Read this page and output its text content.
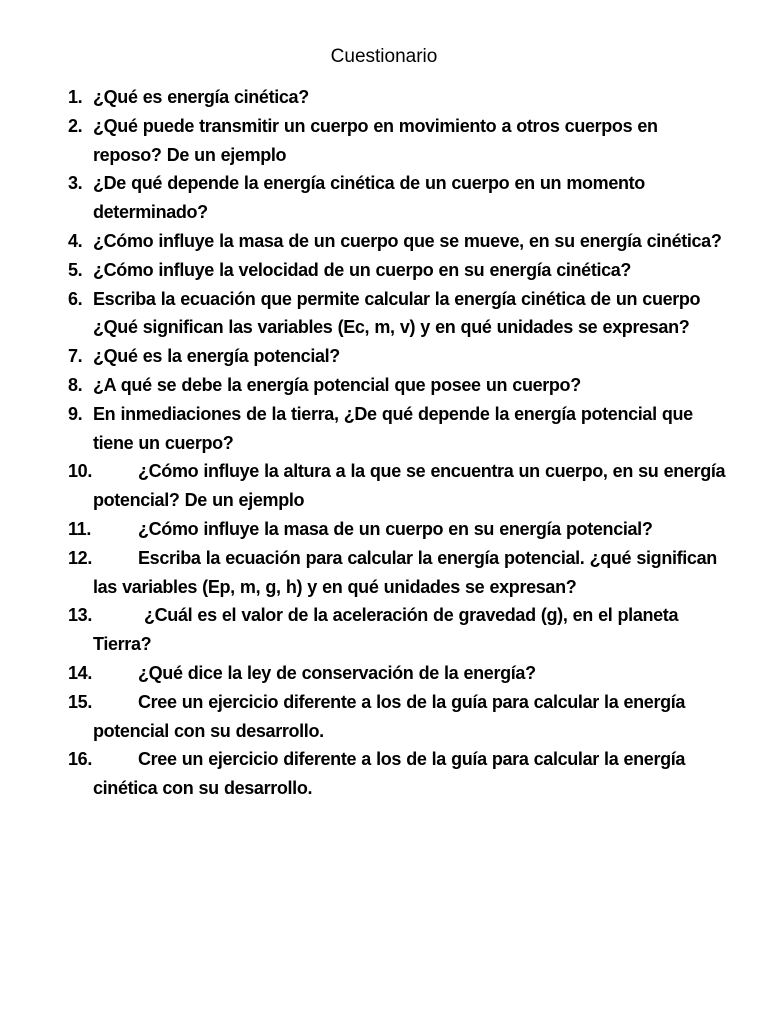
Cuestionario
1. ¿Qué es energía cinética?
2. ¿Qué puede transmitir un cuerpo en movimiento a otros cuerpos en reposo? De un ejemplo
3. ¿De qué depende la energía cinética de un cuerpo en un momento determinado?
4. ¿Cómo influye la masa de un cuerpo que se mueve, en su energía cinética?
5. ¿Cómo influye la velocidad de un cuerpo en su energía cinética?
6. Escriba la ecuación que permite calcular la energía cinética de un cuerpo ¿Qué significan las variables (Ec, m, v) y en qué unidades se expresan?
7. ¿Qué es la energía potencial?
8. ¿A qué se debe la energía potencial que posee un cuerpo?
9. En inmediaciones de la tierra, ¿De qué depende la energía potencial que tiene un cuerpo?
10.	¿Cómo influye la altura a la que se encuentra un cuerpo, en su energía potencial? De un ejemplo
11.	¿Cómo influye la masa de un cuerpo en su energía potencial?
12.	Escriba la ecuación para calcular la energía potencial. ¿qué significan las variables (Ep, m, g, h) y en qué unidades se expresan?
13.	¿Cuál es el valor de la aceleración de gravedad (g), en el planeta Tierra?
14.	¿Qué dice la ley de conservación de la energía?
15.	Cree un ejercicio diferente a los de la guía para calcular la energía potencial con su desarrollo.
16.	Cree un ejercicio diferente a los de la guía para calcular la energía cinética con su desarrollo.
